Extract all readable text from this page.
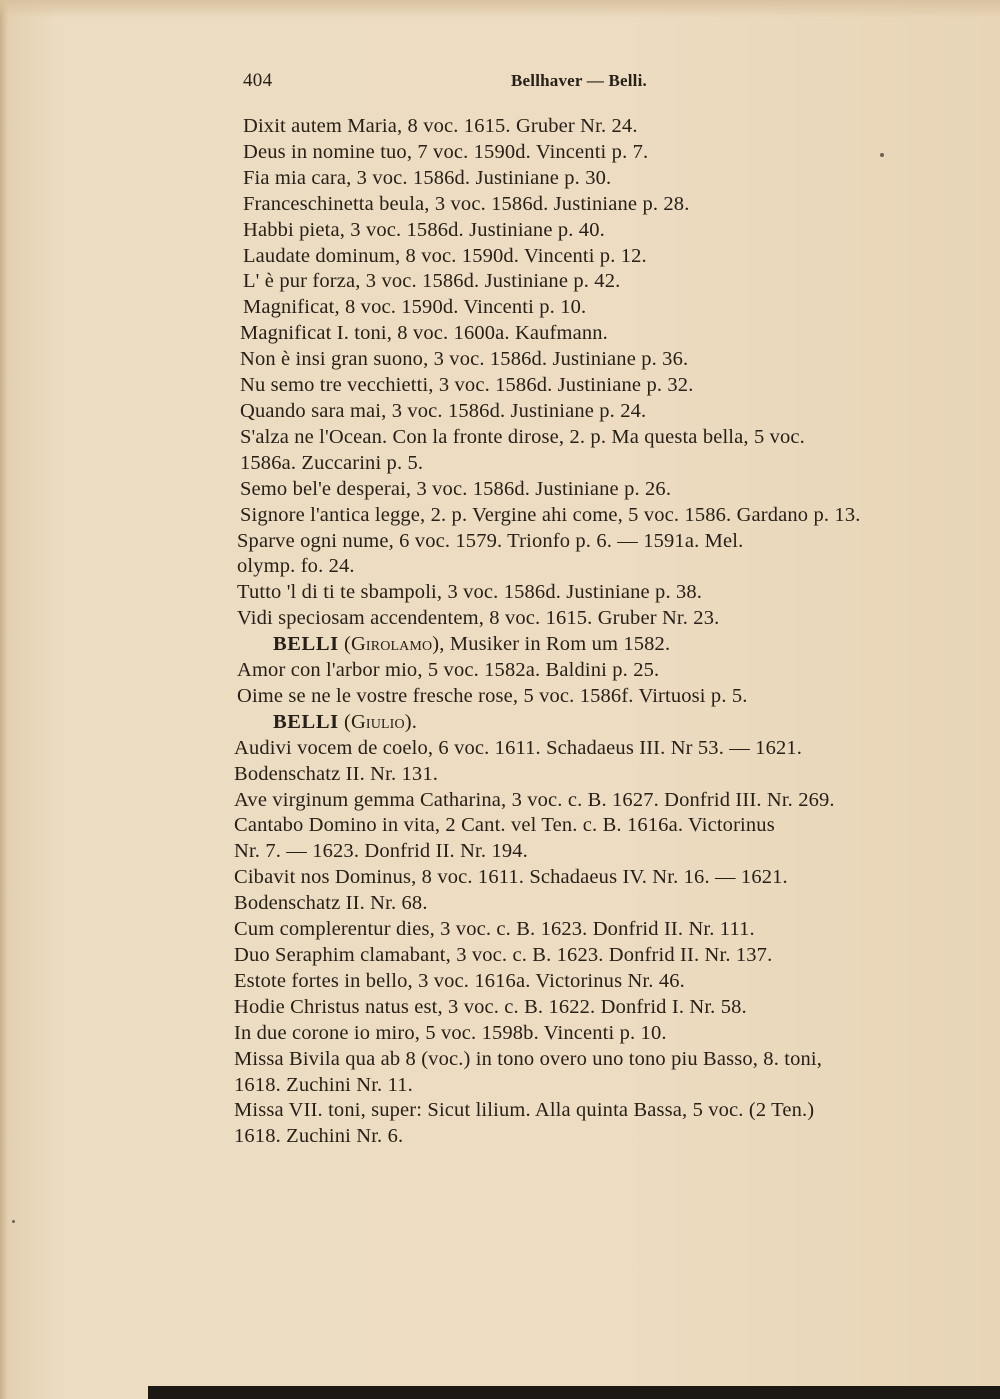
404	Bellhaver — Belli.
Dixit autem Maria, 8 voc. 1615. Gruber Nr. 24.
Deus in nomine tuo, 7 voc. 1590d. Vincenti p. 7.
Fia mia cara, 3 voc. 1586d. Justiniane p. 30.
Franceschinetta beula, 3 voc. 1586d. Justiniane p. 28.
Habbi pieta, 3 voc. 1586d. Justiniane p. 40.
Laudate dominum, 8 voc. 1590d. Vincenti p. 12.
L' è pur forza, 3 voc. 1586d. Justiniane p. 42.
Magnificat, 8 voc. 1590d. Vincenti p. 10.
Magnificat I. toni, 8 voc. 1600a. Kaufmann.
Non è insi gran suono, 3 voc. 1586d. Justiniane p. 36.
Nu semo tre vecchietti, 3 voc. 1586d. Justiniane p. 32.
Quando sara mai, 3 voc. 1586d. Justiniane p. 24.
S'alza ne l'Ocean. Con la fronte dirose, 2. p. Ma questa bella, 5 voc.
1586a. Zuccarini p. 5.
Semo bel'e desperai, 3 voc. 1586d. Justiniane p. 26.
Signore l'antica legge, 2. p. Vergine ahi come, 5 voc. 1586. Gardano p. 13.
Sparve ogni nume, 6 voc. 1579. Trionfo p. 6. — 1591a. Mel.
olymp. fo. 24.
Tutto 'l di ti te sbampoli, 3 voc. 1586d. Justiniane p. 38.
Vidi speciosam accendentem, 8 voc. 1615. Gruber Nr. 23.
BELLI (Girolamo), Musiker in Rom um 1582.
Amor con l'arbor mio, 5 voc. 1582a. Baldini p. 25.
Oime se ne le vostre fresche rose, 5 voc. 1586f. Virtuosi p. 5.
BELLI (Giulio).
Audivi vocem de coelo, 6 voc. 1611. Schadaeus III. Nr 53. — 1621.
Bodenschatz II. Nr. 131.
Ave virginum gemma Catharina, 3 voc. c. B. 1627. Donfrid III. Nr. 269.
Cantabo Domino in vita, 2 Cant. vel Ten. c. B. 1616a. Victorinus
Nr. 7. — 1623. Donfrid II. Nr. 194.
Cibavit nos Dominus, 8 voc. 1611. Schadaeus IV. Nr. 16. — 1621.
Bodenschatz II. Nr. 68.
Cum complerentur dies, 3 voc. c. B. 1623. Donfrid II. Nr. 111.
Duo Seraphim clamabant, 3 voc. c. B. 1623. Donfrid II. Nr. 137.
Estote fortes in bello, 3 voc. 1616a. Victorinus Nr. 46.
Hodie Christus natus est, 3 voc. c. B. 1622. Donfrid I. Nr. 58.
In due corone io miro, 5 voc. 1598b. Vincenti p. 10.
Missa Bivila qua ab 8 (voc.) in tono overo uno tono piu Basso, 8. toni,
1618. Zuchini Nr. 11.
Missa VII. toni, super: Sicut lilium. Alla quinta Bassa, 5 voc. (2 Ten.)
1618. Zuchini Nr. 6.
